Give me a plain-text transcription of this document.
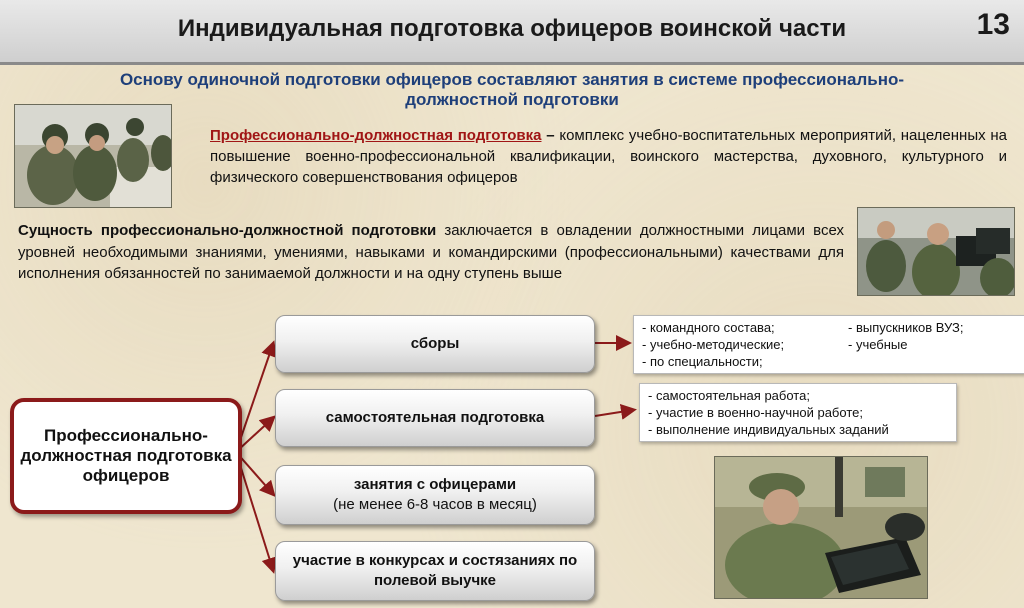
Индивидуальная подготовка офицеров воинской части	13
Основу одиночной подготовки офицеров составляют занятия в системе профессионально-
должностной подготовки
Профессионально-должностная подготовка – комплекс учебно-воспитательных мероприятий, нацеленных на повышение военно-профессиональной квалификации, воинского мастерства, духовного, культурного и физического совершенствования офицеров
Сущность профессионально-должностной подготовки заключается в овладении должностными лицами всех уровней необходимыми знаниями, умениями, навыками и командирскими (профессиональными) качествами для исполнения обязанностей по занимаемой должности и на одну ступень выше
Профессионально-должностная подготовка офицеров
сборы
самостоятельная подготовка
занятия с офицерами
(не менее 6-8 часов в месяц)
участие в конкурсах и состязаниях по полевой выучке
- командного состава;	- выпускников ВУЗ;
- учебно-методические;	- учебные
- по специальности;
- самостоятельная работа;
- участие в военно-научной работе;
- выполнение индивидуальных заданий
